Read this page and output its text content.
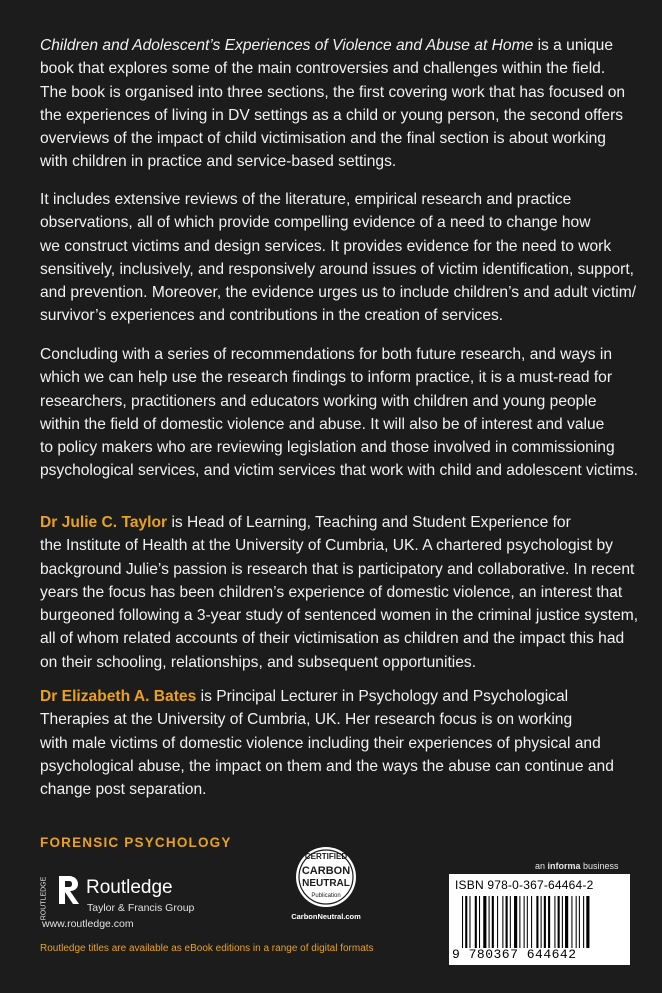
Children and Adolescent’s Experiences of Violence and Abuse at Home is a unique
book that explores some of the main controversies and challenges within the field.
The book is organised into three sections, the first covering work that has focused on
the experiences of living in DV settings as a child or young person, the second offers
overviews of the impact of child victimisation and the final section is about working
with children in practice and service-based settings.
It includes extensive reviews of the literature, empirical research and practice
observations, all of which provide compelling evidence of a need to change how
we construct victims and design services. It provides evidence for the need to work
sensitively, inclusively, and responsively around issues of victim identification, support,
and prevention. Moreover, the evidence urges us to include children’s and adult victim/
survivor’s experiences and contributions in the creation of services.
Concluding with a series of recommendations for both future research, and ways in
which we can help use the research findings to inform practice, it is a must-read for
researchers, practitioners and educators working with children and young people
within the field of domestic violence and abuse. It will also be of interest and value
to policy makers who are reviewing legislation and those involved in commissioning
psychological services, and victim services that work with child and adolescent victims.
Dr Julie C. Taylor is Head of Learning, Teaching and Student Experience for
the Institute of Health at the University of Cumbria, UK. A chartered psychologist by
background Julie’s passion is research that is participatory and collaborative. In recent
years the focus has been children’s experience of domestic violence, an interest that
burgeoned following a 3-year study of sentenced women in the criminal justice system,
all of whom related accounts of their victimisation as children and the impact this had
on their schooling, relationships, and subsequent opportunities.
Dr Elizabeth A. Bates is Principal Lecturer in Psychology and Psychological
Therapies at the University of Cumbria, UK. Her research focus is on working
with male victims of domestic violence including their experiences of physical and
psychological abuse, the impact on them and the ways the abuse can continue and
change post separation.
FORENSIC PSYCHOLOGY
ROUTLEDGE Routledge
Taylor & Francis Group
www.routledge.com
CERTIFIED
CARBON
NEUTRAL
Publication
CarbonNeutral.com
an informa business
ISBN 978-0-367-64464-2
9 780367 644642
Routledge titles are available as eBook editions in a range of digital formats
